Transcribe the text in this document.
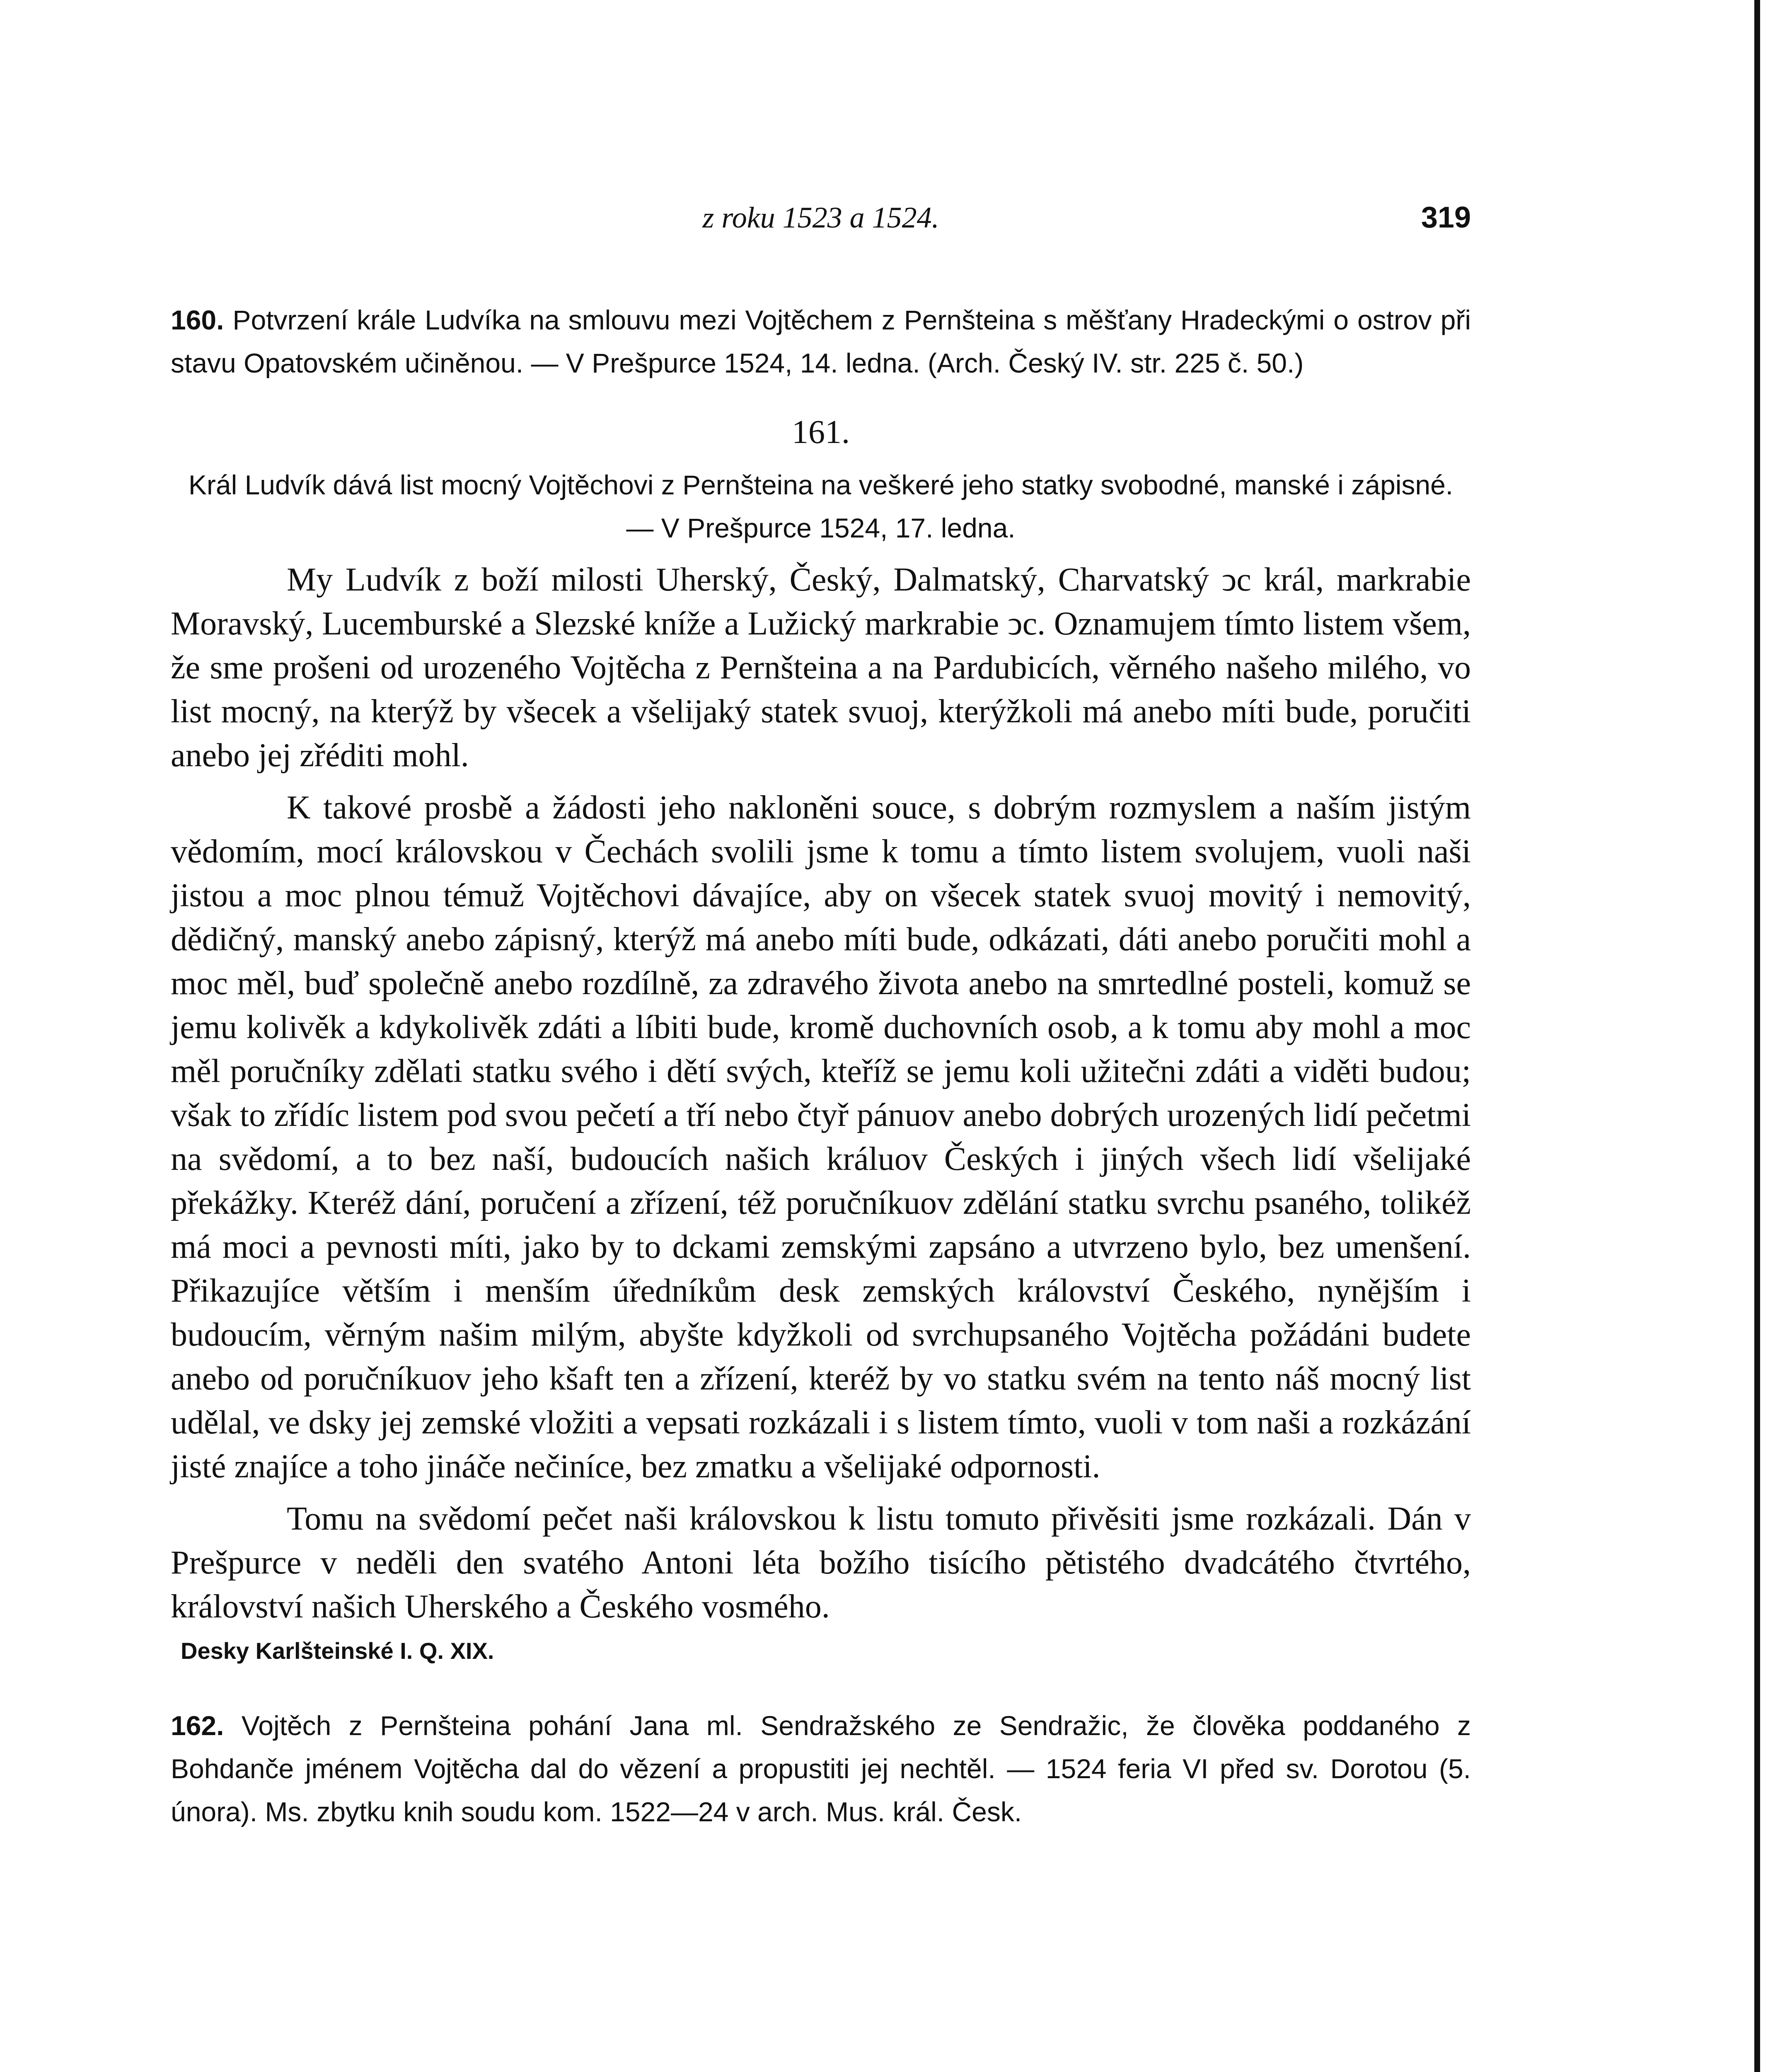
z roku 1523 a 1524.	319

160. Potvrzení krále Ludvíka na smlouvu mezi Vojtěchem z Pernšteina s měšťany Hradeckými o ostrov při stavu Opatovském učiněnou. — V Prešpurce 1524, 14. ledna. (Arch. Český IV. str. 225 č. 50.)

161.

Král Ludvík dává list mocný Vojtěchovi z Pernšteina na veškeré jeho statky svobodné, manské i zápisné. — V Prešpurce 1524, 17. ledna.

My Ludvík z boží milosti Uherský, Český, Dalmatský, Charvatský ↄc král, markrabie Moravský, Lucemburské a Slezské kníže a Lužický markrabie ↄc. Oznamujem tímto listem všem, že sme prošeni od urozeného Vojtěcha z Pernšteina a na Pardubicích, věrného našeho milého, vo list mocný, na kterýž by všecek a všelijaký statek svuoj, kterýžkoli má anebo míti bude, poručiti anebo jej zřéditi mohl.

K takové prosbě a žádosti jeho nakloněni souce, s dobrým rozmyslem a naším jistým vědomím, mocí královskou v Čechách svolili jsme k tomu a tímto listem svolujem, vuoli naši jistou a moc plnou témuž Vojtěchovi dávajíce, aby on všecek statek svuoj movitý i nemovitý, dědičný, manský anebo zápisný, kterýž má anebo míti bude, odkázati, dáti anebo poručiti mohl a moc měl, buď společně anebo rozdílně, za zdravého života anebo na smrtedlné posteli, komuž se jemu kolivěk a kdykolivěk zdáti a líbiti bude, kromě duchovních osob, a k tomu aby mohl a moc měl poručníky zdělati statku svého i dětí svých, kteříž se jemu koli užitečni zdáti a viděti budou; však to zřídíc listem pod svou pečetí a tří nebo čtyř pánuov anebo dobrých urozených lidí pečetmi na svědomí, a to bez naší, budoucích našich králuov Českých i jiných všech lidí všelijaké překážky. Kteréž dání, poručení a zřízení, též poručníkuov zdělání statku svrchu psaného, tolikéž má moci a pevnosti míti, jako by to dckami zemskými zapsáno a utvrzeno bylo, bez umenšení. Přikazujíce větším i menším úředníkům desk zemských království Českého, nynějším i budoucím, věrným našim milým, abyšte kdyžkoli od svrchupsaného Vojtěcha požádáni budete anebo od poručníkuov jeho kšaft ten a zřízení, kteréž by vo statku svém na tento náš mocný list udělal, ve dsky jej zemské vložiti a vepsati rozkázali i s listem tímto, vuoli v tom naši a rozkázání jisté znajíce a toho jináče nečiníce, bez zmatku a všelijaké odpornosti.

Tomu na svědomí pečet naši královskou k listu tomuto přivěsiti jsme rozkázali. Dán v Prešpurce v neděli den svatého Antoni léta božího tisícího pětistého dvadcátého čtvrtého, království našich Uherského a Českého vosmého.

Desky Karlšteinské I. Q. XIX.

162. Vojtěch z Pernšteina pohání Jana ml. Sendražského ze Sendražic, že člověka poddaného z Bohdanče jménem Vojtěcha dal do vězení a propustiti jej nechtěl. — 1524 feria VI před sv. Dorotou (5. února). Ms. zbytku knih soudu kom. 1522—24 v arch. Mus. král. Česk.
